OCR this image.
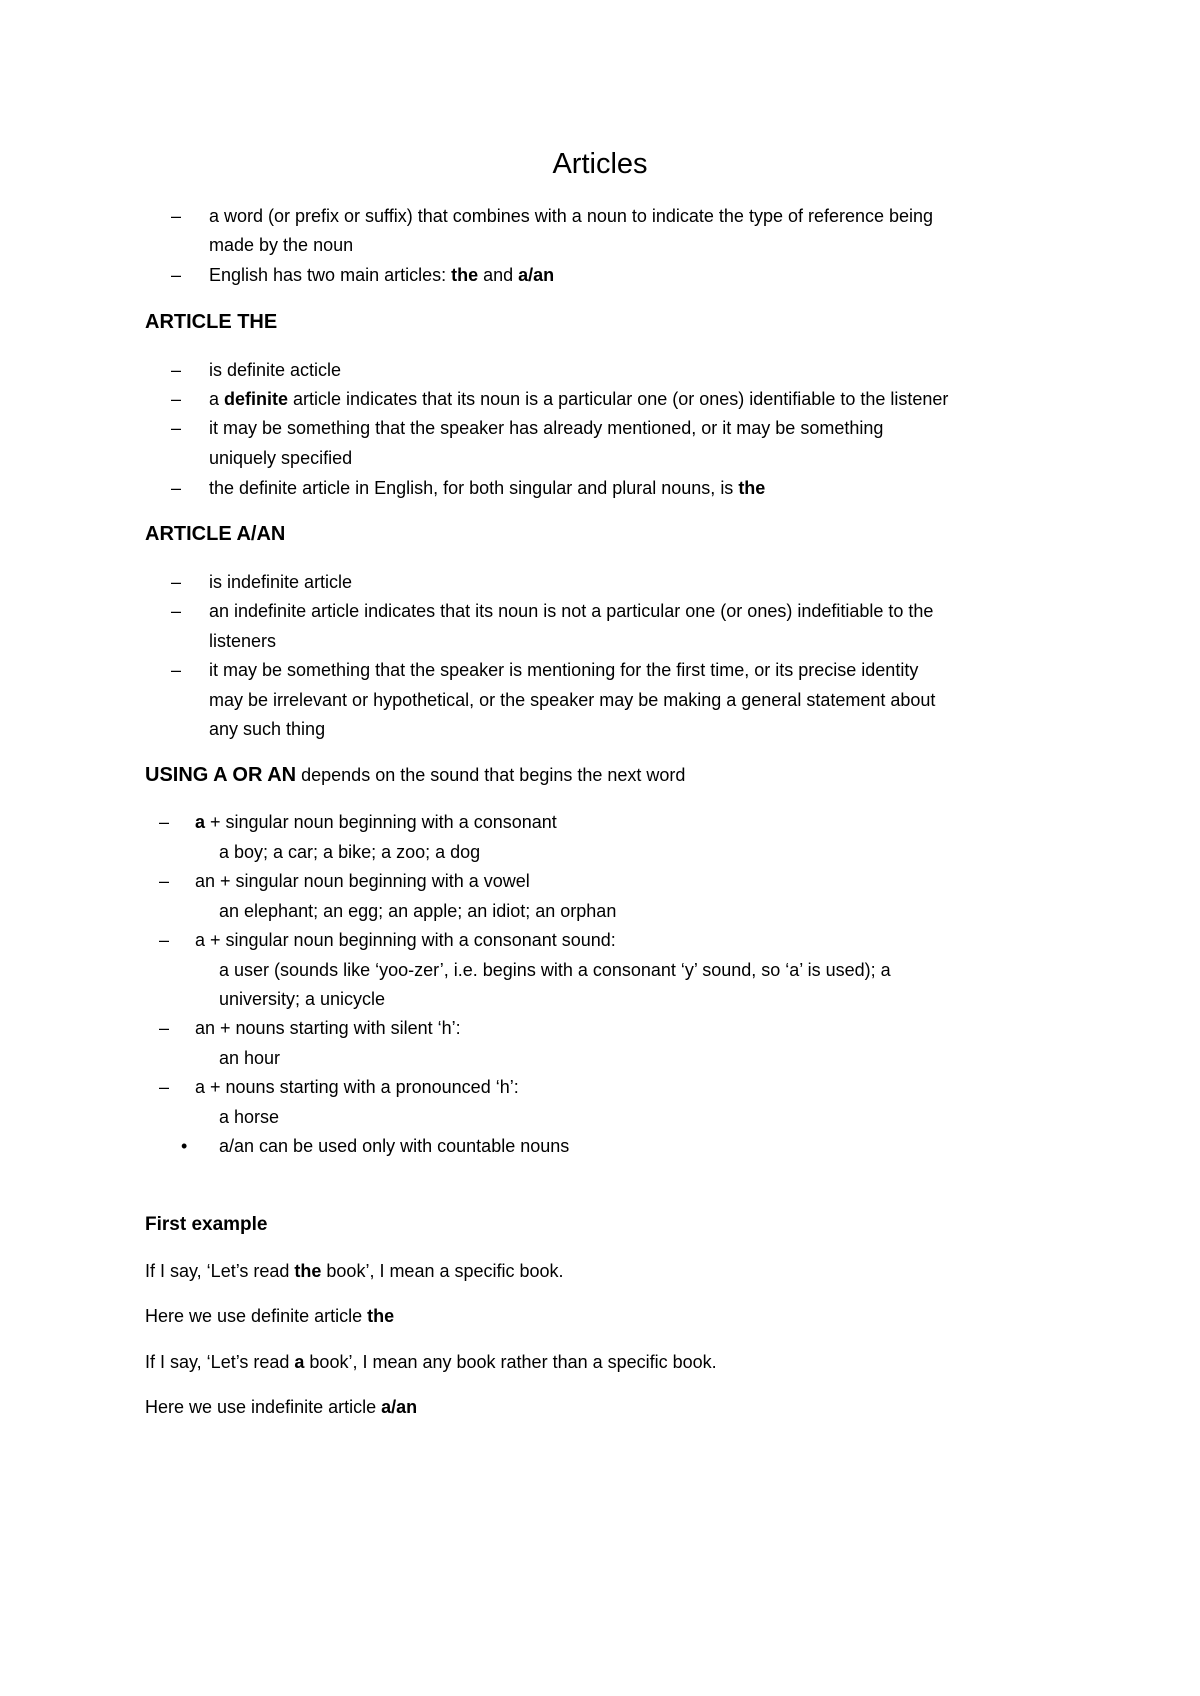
Articles
– a word (or prefix or suffix) that combines with a noun to indicate the type of reference being
made by the noun
– English has two main articles: the and a/an
ARTICLE THE
– is definite acticle
– a definite article indicates that its noun is a particular one (or ones) identifiable to the listener
– it may be something that the speaker has already mentioned, or it may be something
uniquely specified
– the definite article in English, for both singular and plural nouns, is the
ARTICLE A/AN
– is indefinite article
– an indefinite article indicates that its noun is not a particular one (or ones) indefitiable to the
listeners
– it may be something that the speaker is mentioning for the first time, or its precise identity
may be irrelevant or hypothetical, or the speaker may be making a general statement about
any such thing
USING A OR AN depends on the sound that begins the next word
– a + singular noun beginning with a consonant
a boy; a car; a bike; a zoo; a dog
– an + singular noun beginning with a vowel
an elephant; an egg; an apple; an idiot; an orphan
– a + singular noun beginning with a consonant sound:
a user (sounds like ‘yoo-zer’, i.e. begins with a consonant ‘y’ sound, so ‘a’ is used); a
university; a unicycle
– an + nouns starting with silent ‘h’:
an hour
– a + nouns starting with a pronounced ‘h’:
a horse
• a/an can be used only with countable nouns
First example
If I say, ‘Let’s read the book’, I mean a specific book.
Here we use definite article the
If I say, ‘Let’s read a book’, I mean any book rather than a specific book.
Here we use indefinite article a/an
